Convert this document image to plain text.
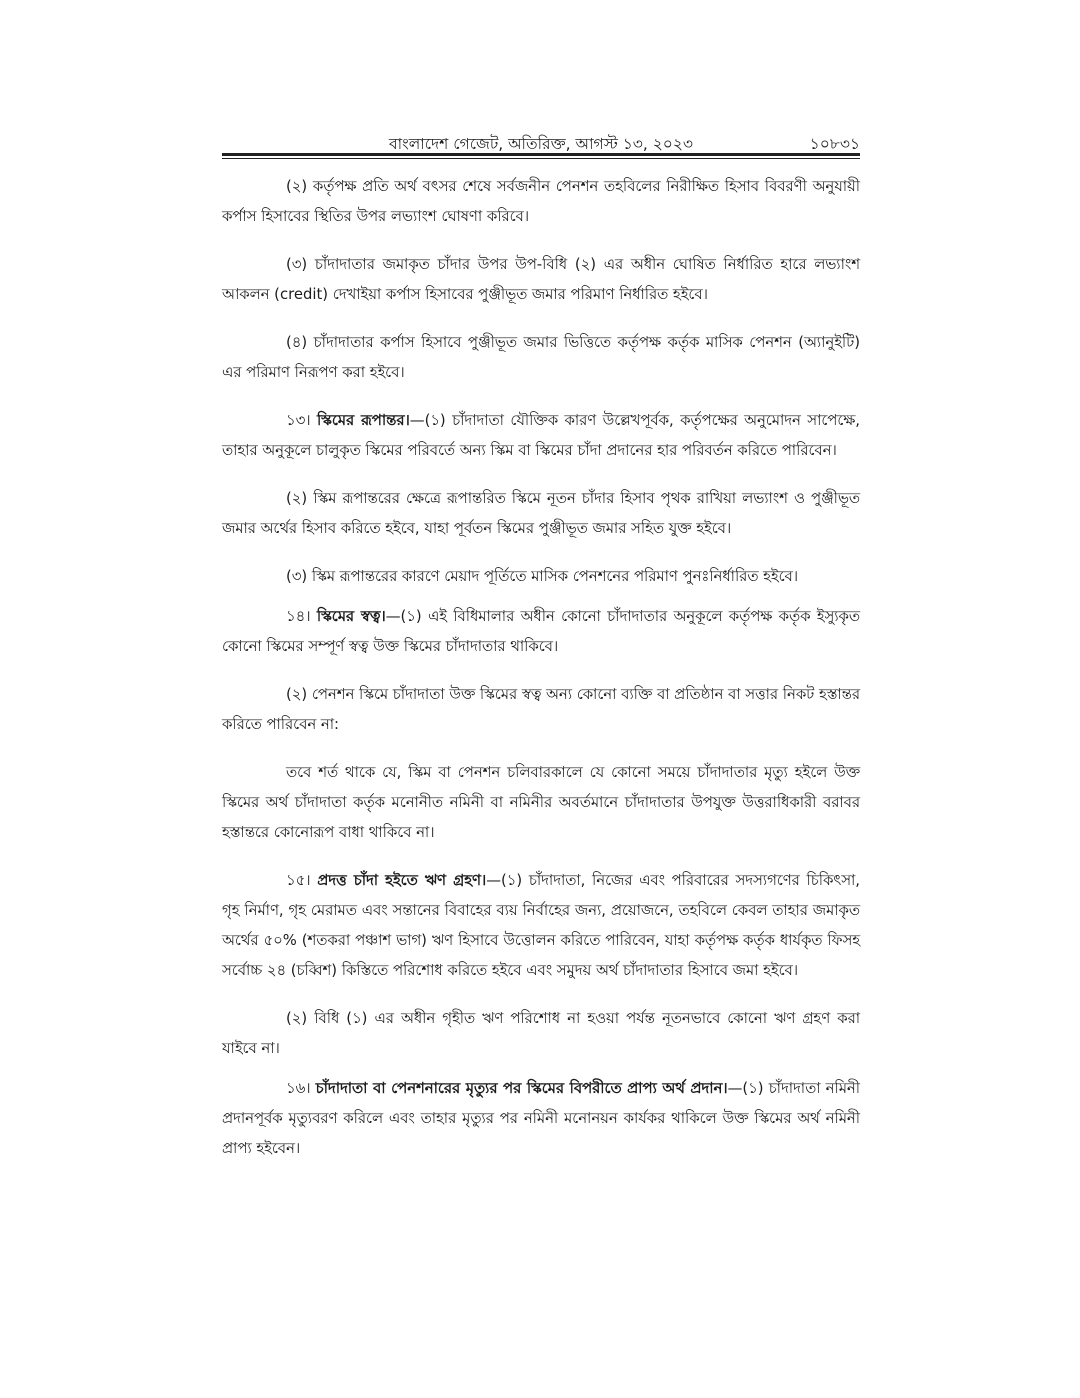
বাংলাদেশ গেজেট, অতিরিক্ত, আগস্ট ১৩, ২০২৩	১০৮৩১

(২) কর্তৃপক্ষ প্রতি অর্থ বৎসর শেষে সর্বজনীন পেনশন তহবিলের নিরীক্ষিত হিসাব বিবরণী অনুযায়ী কর্পাস হিসাবের স্থিতির উপর লভ্যাংশ ঘোষণা করিবে।

(৩) চাঁদাদাতার জমাকৃত চাঁদার উপর উপ-বিধি (২) এর অধীন ঘোষিত নির্ধারিত হারে লভ্যাংশ আকলন (credit) দেখাইয়া কর্পাস হিসাবের পুঞ্জীভূত জমার পরিমাণ নির্ধারিত হইবে।

(৪) চাঁদাদাতার কর্পাস হিসাবে পুঞ্জীভূত জমার ভিত্তিতে কর্তৃপক্ষ কর্তৃক মাসিক পেনশন (অ্যানুইটি) এর পরিমাণ নিরূপণ করা হইবে।

১৩। স্কিমের রূপান্তর।—(১) চাঁদাদাতা যৌক্তিক কারণ উল্লেখপূর্বক, কর্তৃপক্ষের অনুমোদন সাপেক্ষে, তাহার অনুকূলে চালুকৃত স্কিমের পরিবর্তে অন্য স্কিম বা স্কিমের চাঁদা প্রদানের হার পরিবর্তন করিতে পারিবেন।

(২) স্কিম রূপান্তরের ক্ষেত্রে রূপান্তরিত স্কিমে নূতন চাঁদার হিসাব পৃথক রাখিয়া লভ্যাংশ ও পুঞ্জীভূত জমার অর্থের হিসাব করিতে হইবে, যাহা পূর্বতন স্কিমের পুঞ্জীভূত জমার সহিত যুক্ত হইবে।

(৩) স্কিম রূপান্তরের কারণে মেয়াদ পূর্তিতে মাসিক পেনশনের পরিমাণ পুনঃনির্ধারিত হইবে।

১৪। স্কিমের স্বত্ব।—(১) এই বিধিমালার অধীন কোনো চাঁদাদাতার অনুকূলে কর্তৃপক্ষ কর্তৃক ইস্যুকৃত কোনো স্কিমের সম্পূর্ণ স্বত্ব উক্ত স্কিমের চাঁদাদাতার থাকিবে।

(২) পেনশন স্কিমে চাঁদাদাতা উক্ত স্কিমের স্বত্ব অন্য কোনো ব্যক্তি বা প্রতিষ্ঠান বা সত্তার নিকট হস্তান্তর করিতে পারিবেন না:

তবে শর্ত থাকে যে, স্কিম বা পেনশন চলিবারকালে যে কোনো সময়ে চাঁদাদাতার মৃত্যু হইলে উক্ত স্কিমের অর্থ চাঁদাদাতা কর্তৃক মনোনীত নমিনী বা নমিনীর অবর্তমানে চাঁদাদাতার উপযুক্ত উত্তরাধিকারী বরাবর হস্তান্তরে কোনোরূপ বাধা থাকিবে না।

১৫। প্রদত্ত চাঁদা হইতে ঋণ গ্রহণ।—(১) চাঁদাদাতা, নিজের এবং পরিবারের সদস্যগণের চিকিৎসা, গৃহ নির্মাণ, গৃহ মেরামত এবং সন্তানের বিবাহের ব্যয় নির্বাহের জন্য, প্রয়োজনে, তহবিলে কেবল তাহার জমাকৃত অর্থের ৫০% (শতকরা পঞ্চাশ ভাগ) ঋণ হিসাবে উত্তোলন করিতে পারিবেন, যাহা কর্তৃপক্ষ কর্তৃক ধার্যকৃত ফিসহ সর্বোচ্চ ২৪ (চব্বিশ) কিস্তিতে পরিশোধ করিতে হইবে এবং সমুদয় অর্থ চাঁদাদাতার হিসাবে জমা হইবে।

(২) বিধি (১) এর অধীন গৃহীত ঋণ পরিশোধ না হওয়া পর্যন্ত নূতনভাবে কোনো ঋণ গ্রহণ করা যাইবে না।

১৬। চাঁদাদাতা বা পেনশনারের মৃত্যুর পর স্কিমের বিপরীতে প্রাপ্য অর্থ প্রদান।—(১) চাঁদাদাতা নমিনী প্রদানপূর্বক মৃত্যুবরণ করিলে এবং তাহার মৃত্যুর পর নমিনী মনোনয়ন কার্যকর থাকিলে উক্ত স্কিমের অর্থ নমিনী প্রাপ্য হইবেন।
